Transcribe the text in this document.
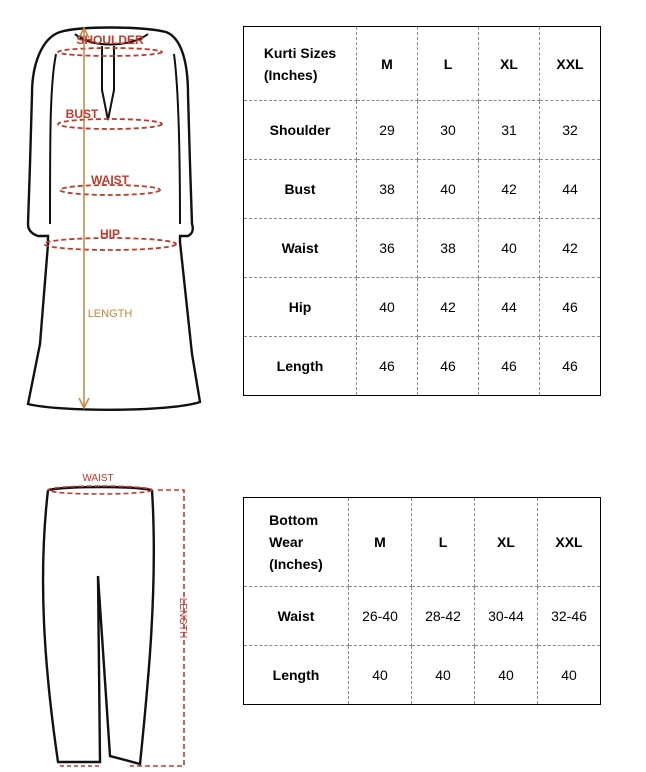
SHOULDER
BUST
WAIST
HIP
LENGTH
Kurti Sizes
(Inches)	M	L	XL	XXL
Shoulder	29	30	31	32
Bust	38	40	42	44
Waist	36	38	40	42
Hip	40	42	44	46
Length	46	46	46	46
WAIST
LENGTH
Bottom
Wear
(Inches)	M	L	XL	XXL
Waist	26-40	28-42	30-44	32-46
Length	40	40	40	40
